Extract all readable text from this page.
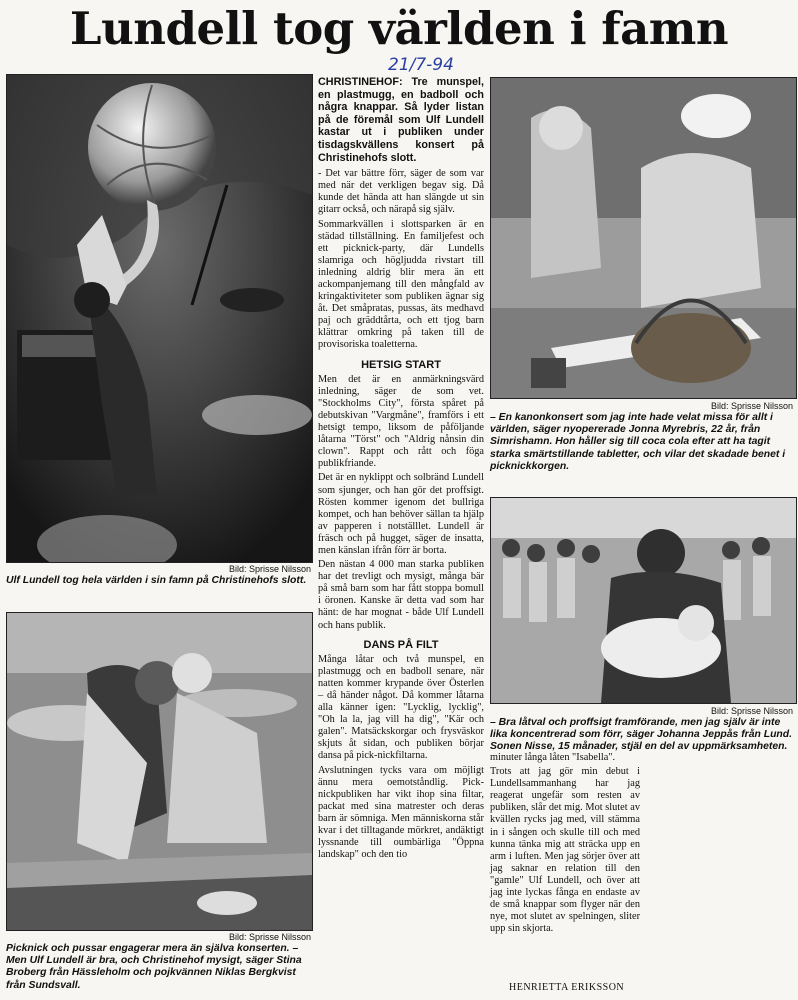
Lundell tog världen i famn
21/7-94
Bild: Sprisse Nilsson
Ulf Lundell tog hela världen i sin famn på Christinehofs slott.
Bild: Sprisse Nilsson
Picknick och pussar engagerar mera än själva konserten. – Men Ulf Lundell är bra, och Christinehof mysigt, säger Stina Broberg från Hässleholm och pojkvännen Niklas Bergkvist från Sundsvall.
Bild: Sprisse Nilsson
– En kanonkonsert som jag inte hade velat missa för allt i världen, säger nyopererade Jonna Myrebris, 22 år, från Simrishamn. Hon håller sig till coca cola efter att ha tagit starka smärtstillande tabletter, och vilar det skadade benet i picknickkorgen.
Bild: Sprisse Nilsson
– Bra låtval och proffsigt framförande, men jag själv är inte lika koncentrerad som förr, säger Johanna Jeppås från Lund. Sonen Nisse, 15 månader, stjäl en del av uppmärksamheten.

CHRISTINEHOF: Tre munspel, en plastmugg, en badboll och några knappar. Så lyder listan på de föremål som Ulf Lundell kastar ut i publiken under tisdagskvällens konsert på Christinehofs slott.

- Det var bättre förr, säger de som var med när det verkligen begav sig. Då kunde det hända att han slängde ut sin gitarr också, och närapå sig själv.

Sommarkvällen i slottsparken är en städad tillställning. En familjefest och ett picknick-party, där Lundells slamriga och högljudda rivstart till inledning aldrig blir mera än ett ackompanjemang till den mångfald av kringaktiviteter som publiken ägnar sig åt. Det småpratas, pussas, äts medhavd paj och gräddtårta, och ett tjog barn klättrar omkring på taken till de provisoriska toaletterna.

HETSIG START

Men det är en anmärkningsvärd inledning, säger de som vet. "Stockholms City", första spåret på debutskivan "Vargmåne", framförs i ett hetsigt tempo, liksom de påföljande låtarna "Törst" och "Aldrig nånsin din clown". Rappt och rått och föga publikfriande.

Det är en nyklippt och solbränd Lundell som sjunger, och han gör det proffsigt. Rösten kommer igenom det bullriga kompet, och han behöver sällan ta hjälp av papperen i notställlet. Lundell är fräsch och på hugget, säger de insatta, men känslan ifrån förr är borta.

Den nästan 4 000 man starka publiken har det trevligt och mysigt, många bär på små barn som har fått stoppa bomull i öronen. Kanske är detta vad som har hänt: de har mognat - både Ulf Lundell och hans publik.

DANS PÅ FILT

Många låtar och två munspel, en plastmugg och en badboll senare, när natten kommer krypande över Österlen – då händer något. Då kommer låtarna alla känner igen: "Lycklig, lycklig", "Oh la la, jag vill ha dig", "Kär och galen". Matsäckskorgar och frysväskor skjuts åt sidan, och publiken börjar dansa på pick-nickfiltarna.

Avslutningen tycks vara om möjligt ännu mera oemotståndlig. Pick-nickpubliken har vikt ihop sina filtar, packat med sina matrester och deras barn är sömniga. Men människorna står kvar i det tilltagande mörkret, andäktigt lyssnande till oumbärliga "Öppna landskap" och den tio

minuter långa låten "Isabella".

Trots att jag gör min debut i Lundellsammanhang har jag reagerat ungefär som resten av publiken, slår det mig. Mot slutet av kvällen rycks jag med, vill stämma in i sången och skulle till och med kunna tänka mig att sträcka upp en arm i luften. Men jag sörjer över att jag saknar en relation till den "gamle" Ulf Lundell, och över att jag inte lyckas fånga en endaste av de små knappar som flyger när den nye, mot slutet av spelningen, sliter upp sin skjorta.

HENRIETTA ERIKSSON
